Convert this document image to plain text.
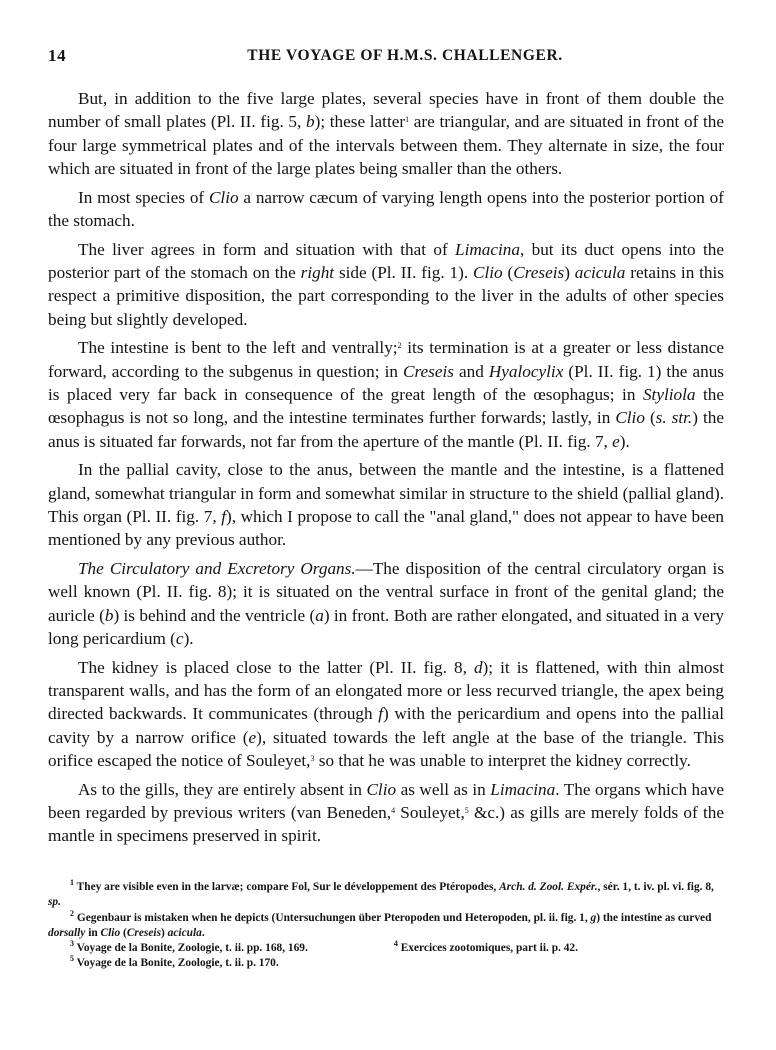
14	THE VOYAGE OF H.M.S. CHALLENGER.

But, in addition to the five large plates, several species have in front of them double the number of small plates (Pl. II. fig. 5, b); these latter$^1$ are triangular, and are situated in front of the four large symmetrical plates and of the intervals between them. They alternate in size, the four which are situated in front of the large plates being smaller than the others.

In most species of Clio a narrow cæcum of varying length opens into the posterior portion of the stomach.

The liver agrees in form and situation with that of Limacina, but its duct opens into the posterior part of the stomach on the right side (Pl. II. fig. 1). Clio (Creseis) acicula retains in this respect a primitive disposition, the part corresponding to the liver in the adults of other species being but slightly developed.

The intestine is bent to the left and ventrally;$^2$ its termination is at a greater or less distance forward, according to the subgenus in question; in Creseis and Hyalocylix (Pl. II. fig. 1) the anus is placed very far back in consequence of the great length of the œsophagus; in Styliola the œsophagus is not so long, and the intestine terminates further forwards; lastly, in Clio (s. str.) the anus is situated far forwards, not far from the aperture of the mantle (Pl. II. fig. 7, e).

In the pallial cavity, close to the anus, between the mantle and the intestine, is a flattened gland, somewhat triangular in form and somewhat similar in structure to the shield (pallial gland). This organ (Pl. II. fig. 7, f), which I propose to call the "anal gland," does not appear to have been mentioned by any previous author.

The Circulatory and Excretory Organs.—The disposition of the central circulatory organ is well known (Pl. II. fig. 8); it is situated on the ventral surface in front of the genital gland; the auricle (b) is behind and the ventricle (a) in front. Both are rather elongated, and situated in a very long pericardium (c).

The kidney is placed close to the latter (Pl. II. fig. 8, d); it is flattened, with thin almost transparent walls, and has the form of an elongated more or less recurved triangle, the apex being directed backwards. It communicates (through f) with the pericardium and opens into the pallial cavity by a narrow orifice (e), situated towards the left angle at the base of the triangle. This orifice escaped the notice of Souleyet,$^3$ so that he was unable to interpret the kidney correctly.

As to the gills, they are entirely absent in Clio as well as in Limacina. The organs which have been regarded by previous writers (van Beneden,$^4$ Souleyet,$^5$ &c.) as gills are merely folds of the mantle in specimens preserved in spirit.

$^1$ They are visible even in the larvæ; compare Fol, Sur le développement des Ptéropodes, Arch. d. Zool. Expér., sér. 1, t. iv. pl. vi. fig. 8, sp.

$^2$ Gegenbaur is mistaken when he depicts (Untersuchungen über Pteropoden und Heteropoden, pl. ii. fig. 1, g) the intestine as curved dorsally in Clio (Creseis) acicula.

$^3$ Voyage de la Bonite, Zoologie, t. ii. pp. 168, 169.	$^4$ Exercices zootomiques, part ii. p. 42.

$^5$ Voyage de la Bonite, Zoologie, t. ii. p. 170.
